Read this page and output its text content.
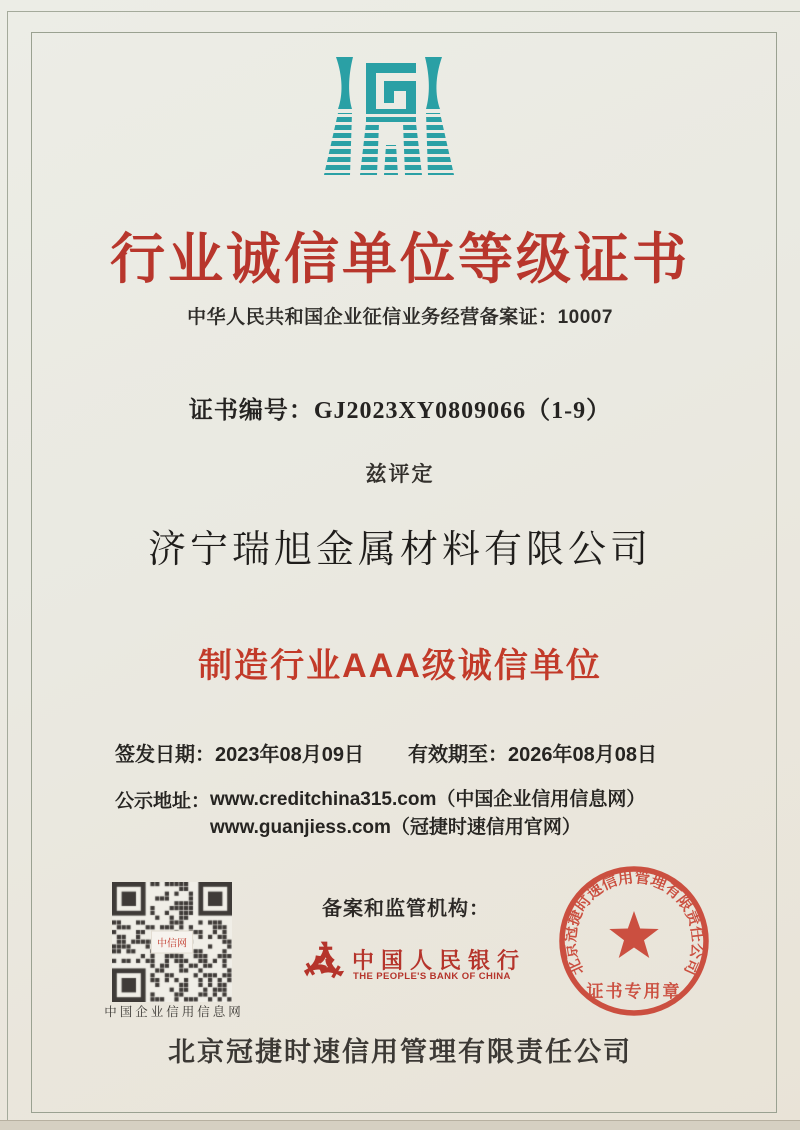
行业诚信单位等级证书
中华人民共和国企业征信业务经营备案证：10007
证书编号：GJ2023XY0809066（1-9）
兹评定
济宁瑞旭金属材料有限公司
制造行业AAA级诚信单位
签发日期：2023年08月09日 有效期至：2026年08月08日
公示地址： www.creditchina315.com（中国企业信用信息网）
www.guanjiess.com（冠捷时速信用官网）
中信网
中国企业信用信息网
备案和监管机构：
中国人民银行
THE PEOPLE'S BANK OF CHINA	北京冠捷时速信用管理有限责任公司
证书专用章
北京冠捷时速信用管理有限责任公司
